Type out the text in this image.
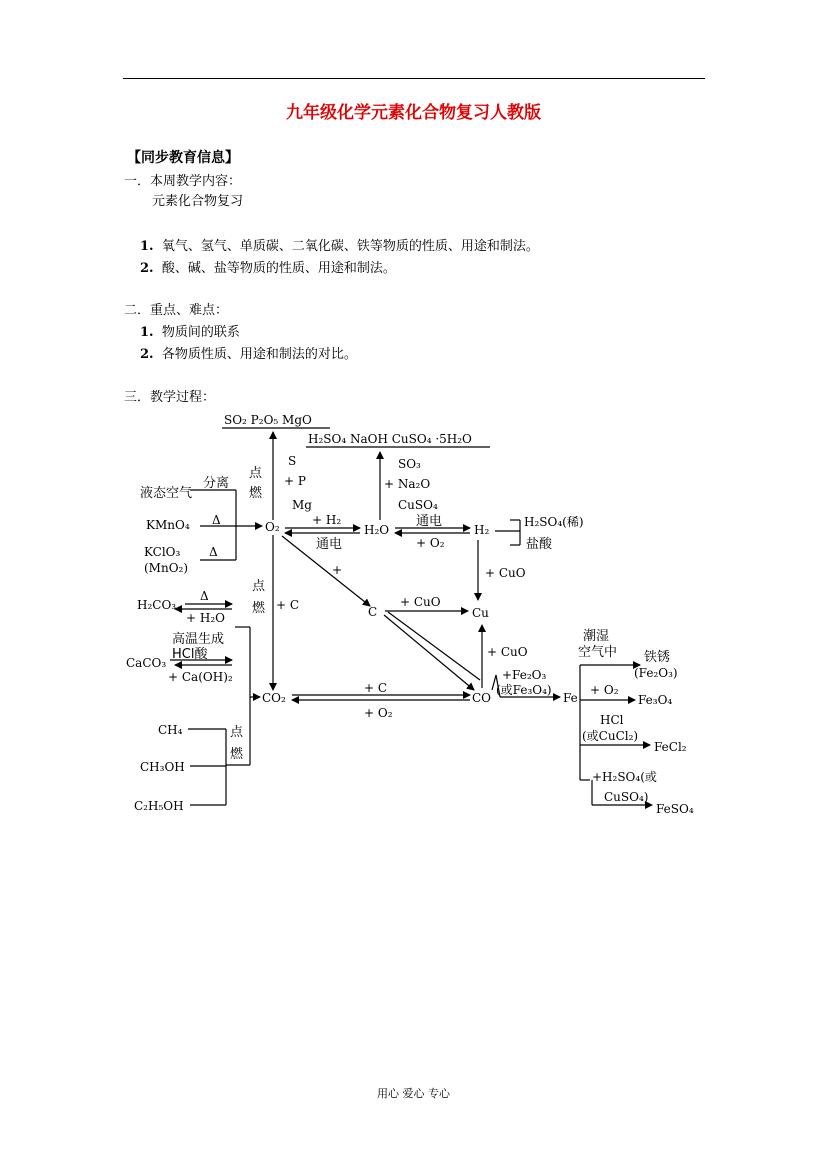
九年级化学元素化合物复习人教版
【同步教育信息】
一．本周教学内容：
元素化合物复习
1. 氧气、氢气、单质碳、二氧化碳、铁等物质的性质、用途和制法。
2. 酸、碱、盐等物质的性质、用途和制法。
二．重点、难点：
1. 物质间的联系
2. 各物质性质、用途和制法的对比。
三．教学过程：
SO₂ P₂O₅ MgO
H₂SO₄ NaOH CuSO₄ ·5H₂O
S
+ P
Mg
点
燃
SO₃
+ Na₂O
CuSO₄
液态空气
分离
KMnO₄ Δ
KClO₃
(MnO₂)
Δ
O₂	+ H₂
通电
H₂O
通电
+ O₂
H₂
H₂SO₄(稀)
盐酸
+ CuO
+
C
+ CuO
Cu
点
燃 + C
H₂CO₃
Δ
+ H₂O
高温生成
HCl酸
CaCO₃
+ Ca(OH)₂
CO₂
+ C
+ O₂
CO
+ CuO
+Fe₂O₃
(或Fe₃O₄)
Fe
潮湿
空气中 铁锈
(Fe₂O₃)
+ O₂
Fe₃O₄
HCl
(或CuCl₂)
FeCl₂
+H₂SO₄(或
CuSO₄)
FeSO₄
CH₄
CH₃OH
C₂H₅OH
点
燃
用心 爱心 专心
